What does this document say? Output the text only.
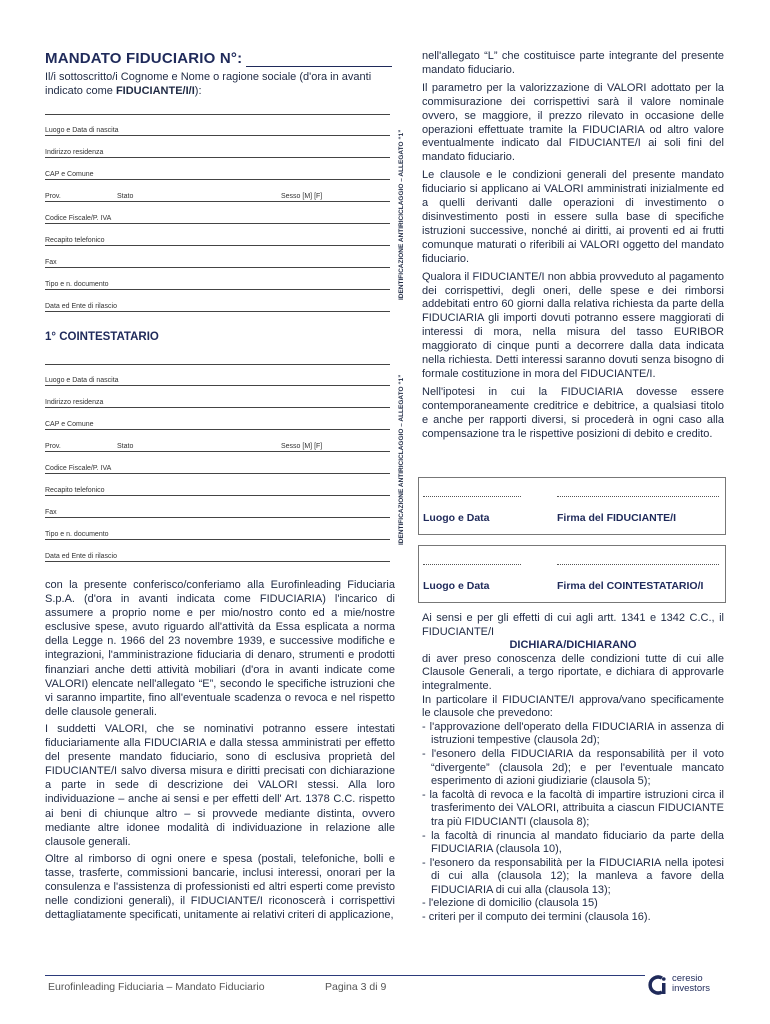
MANDATO FIDUCIARIO N°:
Il/i sottoscritto/i Cognome e Nome o ragione sociale (d'ora in avanti indicato come FIDUCIANTE/I/I):
Luogo e Data di nascita
Indirizzo residenza
CAP e Comune
Prov.	Stato	Sesso [M] [F]
Codice Fiscale/P. IVA
Recapito telefonico
Fax
Tipo e n. documento
Data ed Ente di rilascio
IDENTIFICAZIONE ANTIRICICLAGGIO – ALLEGATO “1”
1° COINTESTATARIO
Luogo e Data di nascita
Indirizzo residenza
CAP e Comune
Prov.	Stato	Sesso [M] [F]
Codice Fiscale/P. IVA
Recapito telefonico
Fax
Tipo e n. documento
Data ed Ente di rilascio
IDENTIFICAZIONE ANTIRICICLAGGIO – ALLEGATO “1”

con la presente conferisco/conferiamo alla Eurofinleading Fiduciaria S.p.A. (d'ora in avanti indicata come FIDUCIARIA) l'incarico di assumere a proprio nome e per mio/nostro conto ed a mie/nostre esclusive spese, avuto riguardo all'attività da Essa esplicata a norma della Legge n. 1966 del 23 novembre 1939, e successive modifiche e integrazioni, l'amministrazione fiduciaria di denaro, strumenti e prodotti finanziari anche detti attività mobiliari (d'ora in avanti indicate come VALORI) elencate nell'allegato “E”, secondo le specifiche istruzioni che vi saranno impartite, fino all'eventuale scadenza o revoca e nel rispetto delle clausole generali.

I suddetti VALORI, che se nominativi potranno essere intestati fiduciariamente alla FIDUCIARIA e dalla stessa amministrati per effetto del presente mandato fiduciario, sono di esclusiva proprietà del FIDUCIANTE/I salvo diversa misura e diritti precisati con dichiarazione a parte in sede di descrizione dei VALORI stessi. Alla loro individuazione – anche ai sensi e per effetti dell' Art. 1378 C.C. rispetto ai beni di chiunque altro – si provvede mediante distinta, ovvero mediante altre idonee modalità di individuazione in relazione alle clausole generali.

Oltre al rimborso di ogni onere e spesa (postali, telefoniche, bolli e tasse, trasferte, commissioni bancarie, inclusi interessi, onorari per la consulenza e l'assistenza di professionisti ed altri esperti come previsto nelle condizioni generali), il FIDUCIANTE/I riconoscerà i corrispettivi dettagliatamente specificati, unitamente ai relativi criteri di applicazione,

nell'allegato “L” che costituisce parte integrante del presente mandato fiduciario.

Il parametro per la valorizzazione di VALORI adottato per la commisurazione dei corrispettivi sarà il valore nominale ovvero, se maggiore, il prezzo rilevato in occasione delle operazioni effettuate tramite la FIDUCIARIA od altro valore eventualmente indicato dal FIDUCIANTE/I ai soli fini del mandato fiduciario.

Le clausole e le condizioni generali del presente mandato fiduciario si applicano ai VALORI amministrati inizialmente ed a quelli derivanti dalle operazioni di investimento o disinvestimento posti in essere sulla base di specifiche istruzioni successive, nonché ai diritti, ai proventi ed ai frutti comunque maturati o riferibili ai VALORI oggetto del mandato fiduciario.

Qualora il FIDUCIANTE/I non abbia provveduto al pagamento dei corrispettivi, degli oneri, delle spese e dei rimborsi addebitati entro 60 giorni dalla relativa richiesta da parte della FIDUCIARIA gli importi dovuti potranno essere maggiorati di interessi di mora, nella misura del tasso EURIBOR maggiorato di cinque punti a decorrere dalla data indicata nella richiesta. Detti interessi saranno dovuti senza bisogno di formale costituzione in mora del FIDUCIANTE/I.

Nell'ipotesi in cui la FIDUCIARIA dovesse essere contemporaneamente creditrice e debitrice, a qualsiasi titolo e anche per rapporti diversi, si procederà in ogni caso alla compensazione tra le rispettive posizioni di debito e credito.

Luogo e Data	Firma del FIDUCIANTE/I
Luogo e Data	Firma del COINTESTATARIO/I
Ai sensi e per gli effetti di cui agli artt. 1341 e 1342 C.C., il FIDUCIANTE/I
DICHIARA/DICHIARANO
di aver preso conoscenza delle condizioni tutte di cui alle Clausole Generali, a tergo riportate, e dichiara di approvarle integralmente.
In particolare il FIDUCIANTE/I approva/vano specificamente le clausole che prevedono:
- l'approvazione dell'operato della FIDUCIARIA in assenza di istruzioni tempestive (clausola 2d);
- l'esonero della FIDUCIARIA da responsabilità per il voto “divergente” (clausola 2d); e per l'eventuale mancato esperimento di azioni giudiziarie (clausola 5);
- la facoltà di revoca e la facoltà di impartire istruzioni circa il trasferimento dei VALORI, attribuita a ciascun FIDUCIANTE tra più FIDUCIANTI (clausola 8);
- la facoltà di rinuncia al mandato fiduciario da parte della FIDUCIARIA (clausola 10),
- l'esonero da responsabilità per la FIDUCIARIA nella ipotesi di cui alla (clausola 12); la manleva a favore della FIDUCIARIA di cui alla (clausola 13);
- l'elezione di domicilio (clausola 15)
- criteri per il computo dei termini (clausola 16).
Eurofinleading Fiduciaria – Mandato Fiduciario	Pagina 3 di 9
ceresio
investors
